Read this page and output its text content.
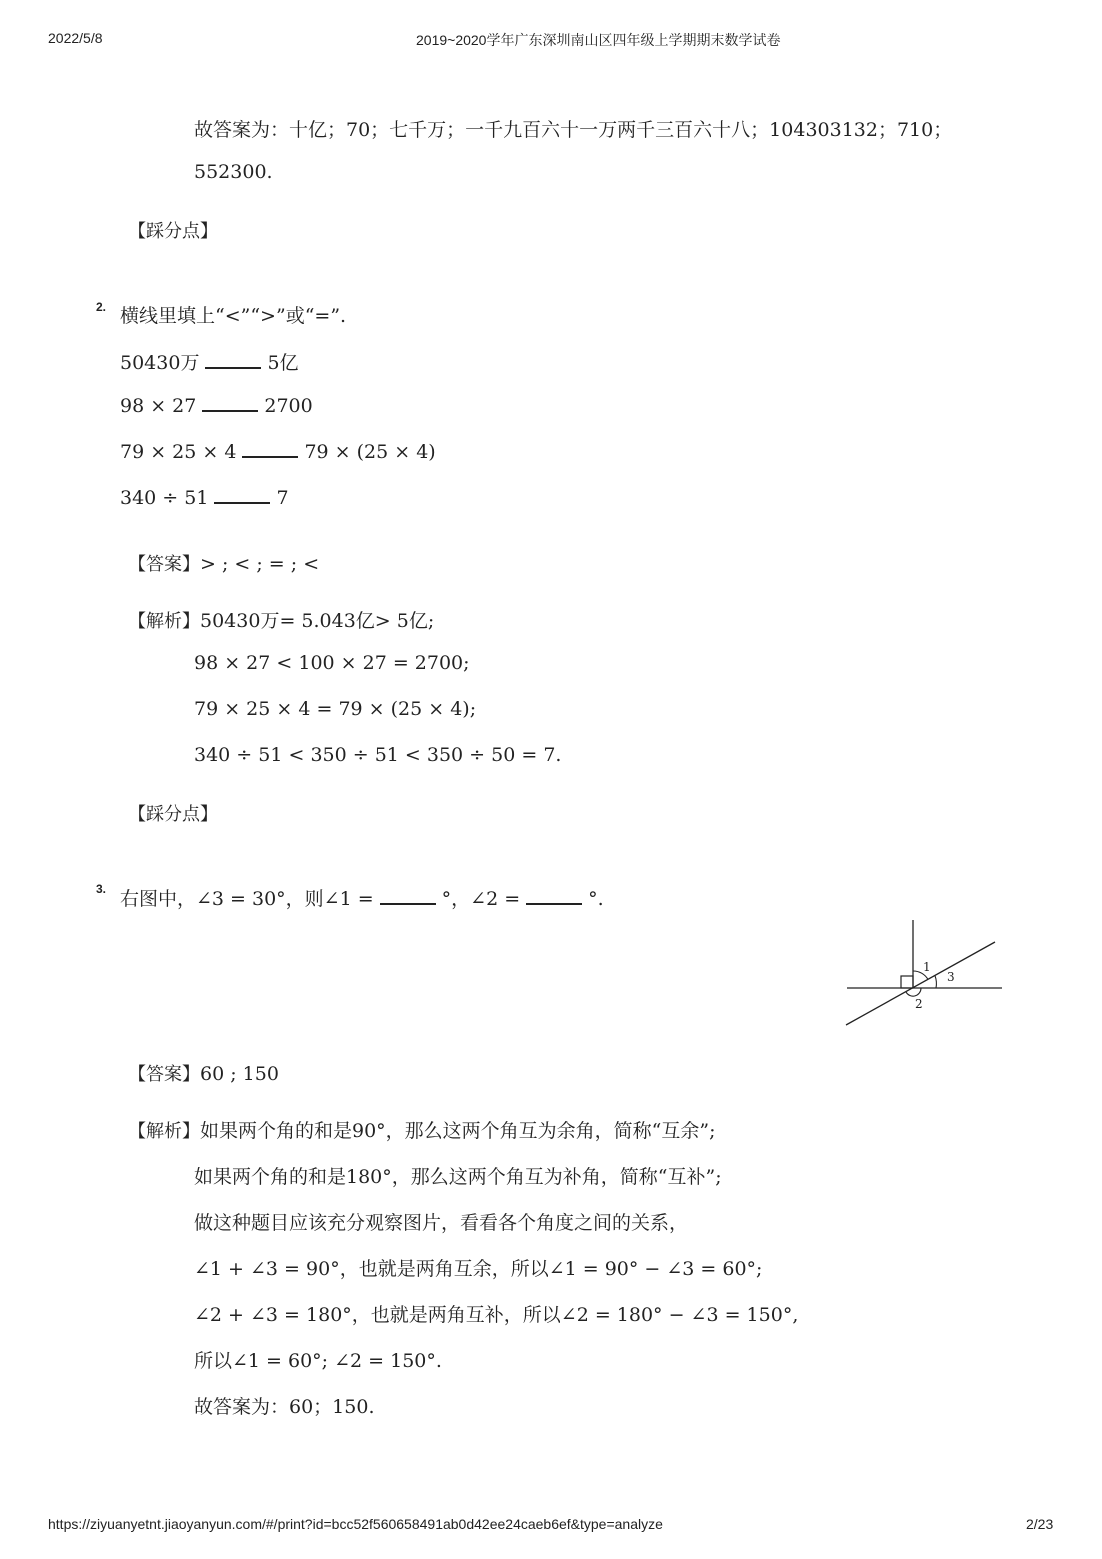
2022/5/8	2019~2020学年广东深圳南山区四年级上学期期末数学试卷
故答案为：十亿；70；七千万；一千九百六十一万两千三百六十八；104303132；710；
552300.
【踩分点】
2. 横线里填上“<”“>”或“=”.
50430万	5亿
98 × 27	2700
79 × 25 × 4	79 × (25 × 4)
340 ÷ 51	7
【答案】> ; < ; = ; <
【解析】50430万= 5.043亿> 5亿;
98 × 27 < 100 × 27 = 2700;
79 × 25 × 4 = 79 × (25 × 4);
340 ÷ 51 < 350 ÷ 51 < 350 ÷ 50 = 7.
【踩分点】
3. 右图中，∠3 = 30°，则∠1 =	°，∠2 =	°.
1
3
2
【答案】60 ; 150
【解析】如果两个角的和是90°，那么这两个角互为余角，简称“互余”;
如果两个角的和是180°，那么这两个角互为补角，简称“互补”;
做这种题目应该充分观察图片，看看各个角度之间的关系，
∠1 + ∠3 = 90°，也就是两角互余，所以∠1 = 90° − ∠3 = 60°;
∠2 + ∠3 = 180°，也就是两角互补，所以∠2 = 180° − ∠3 = 150°,
所以∠1 = 60°; ∠2 = 150°.
故答案为：60；150.
https://ziyuanyetnt.jiaoyanyun.com/#/print?id=bcc52f560658491ab0d42ee24caeb6ef&type=analyze	2/23
